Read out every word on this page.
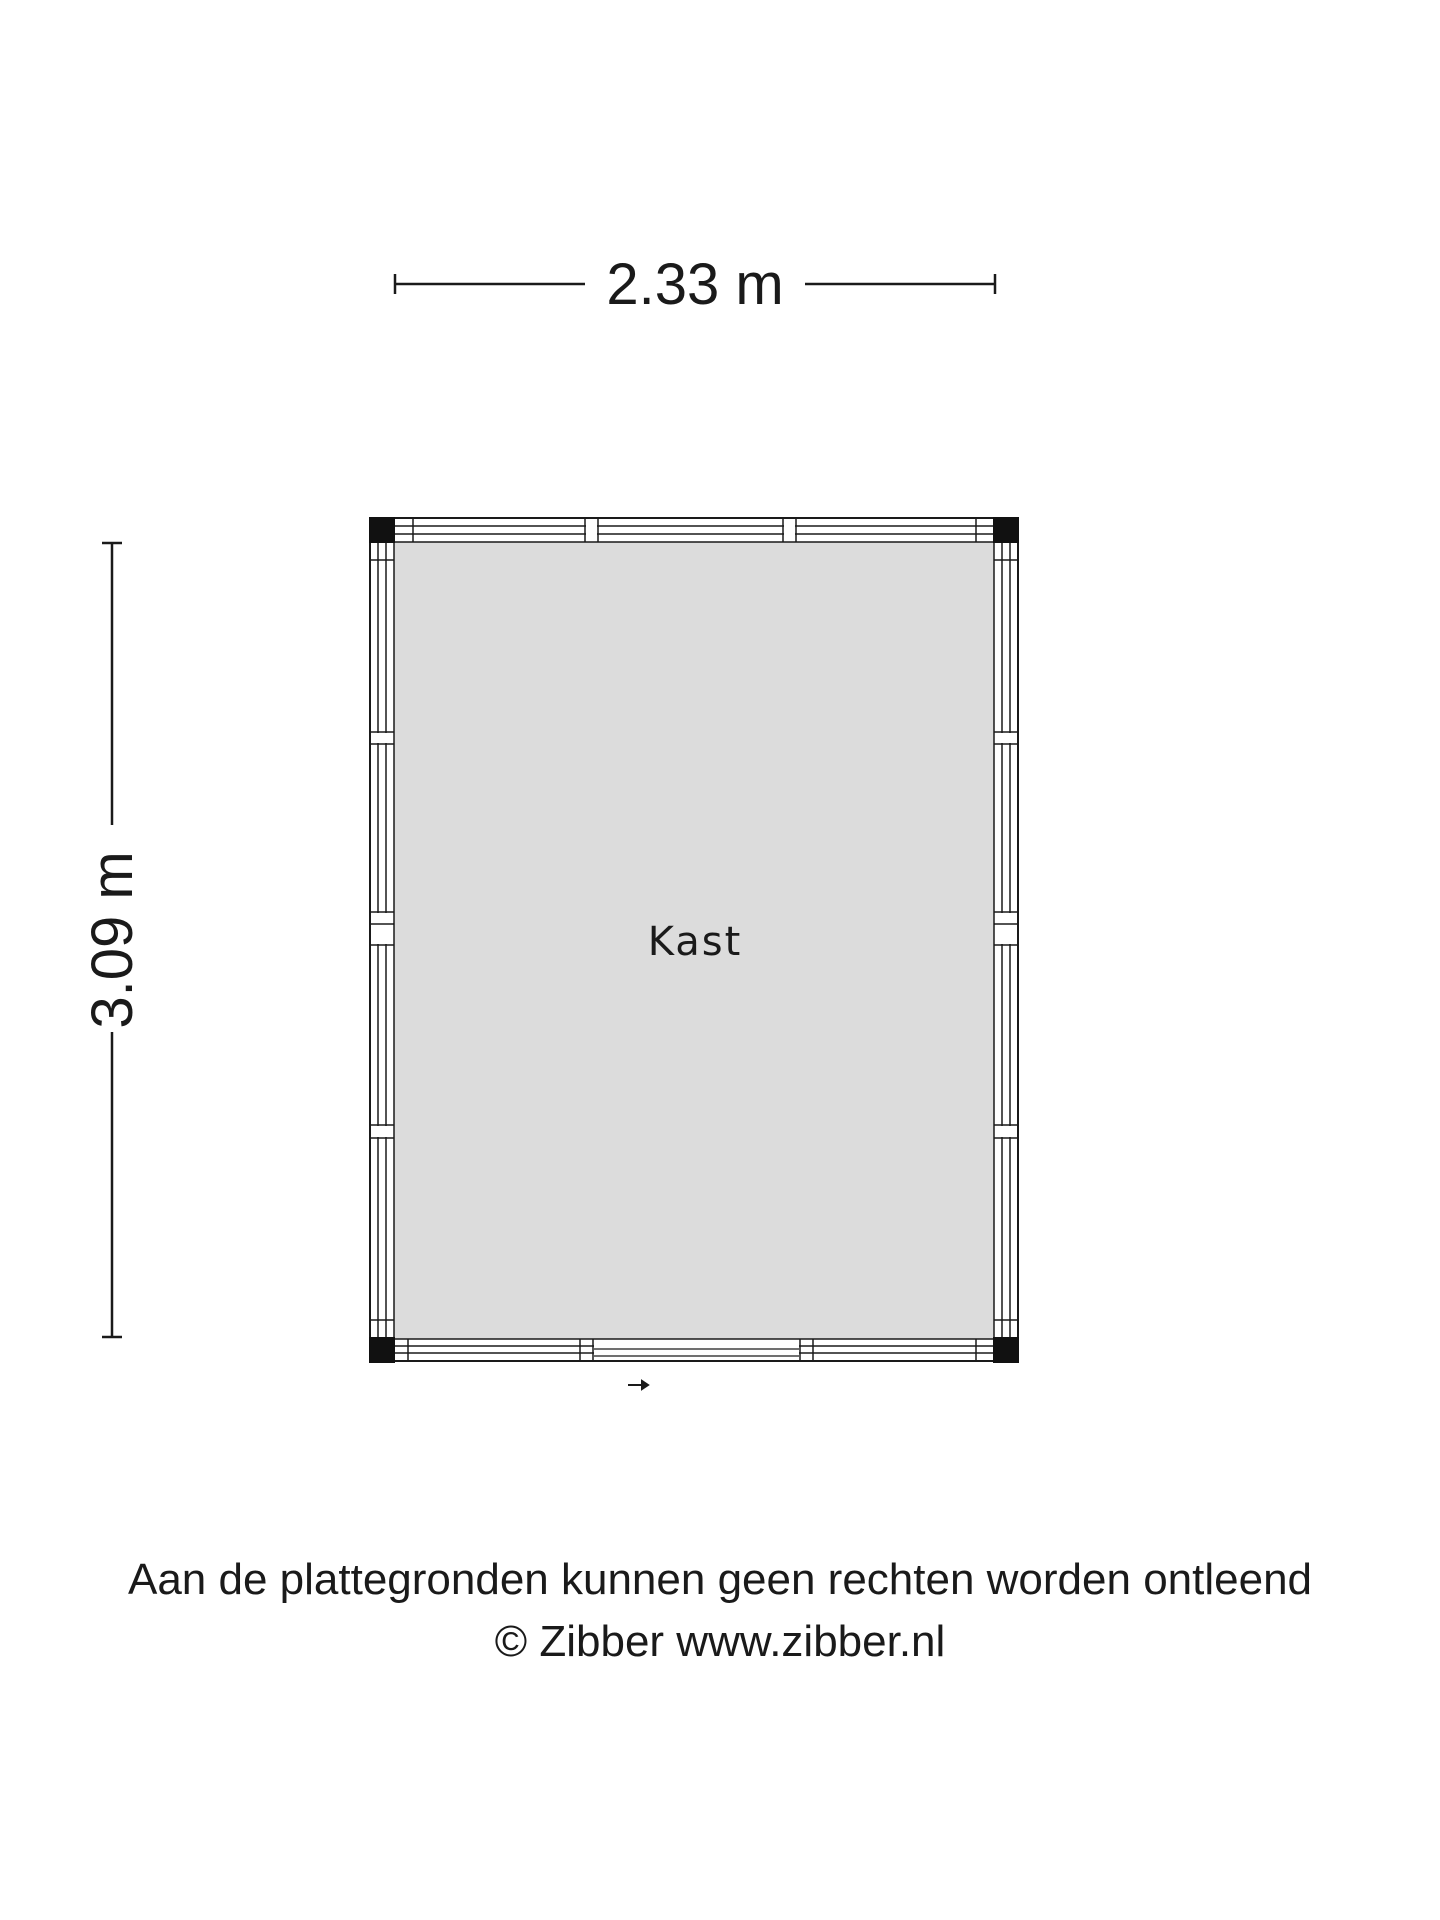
2.33 m
3.09 m	Kast
Aan de plattegronden kunnen geen rechten worden ontleend
© Zibber www.zibber.nl
